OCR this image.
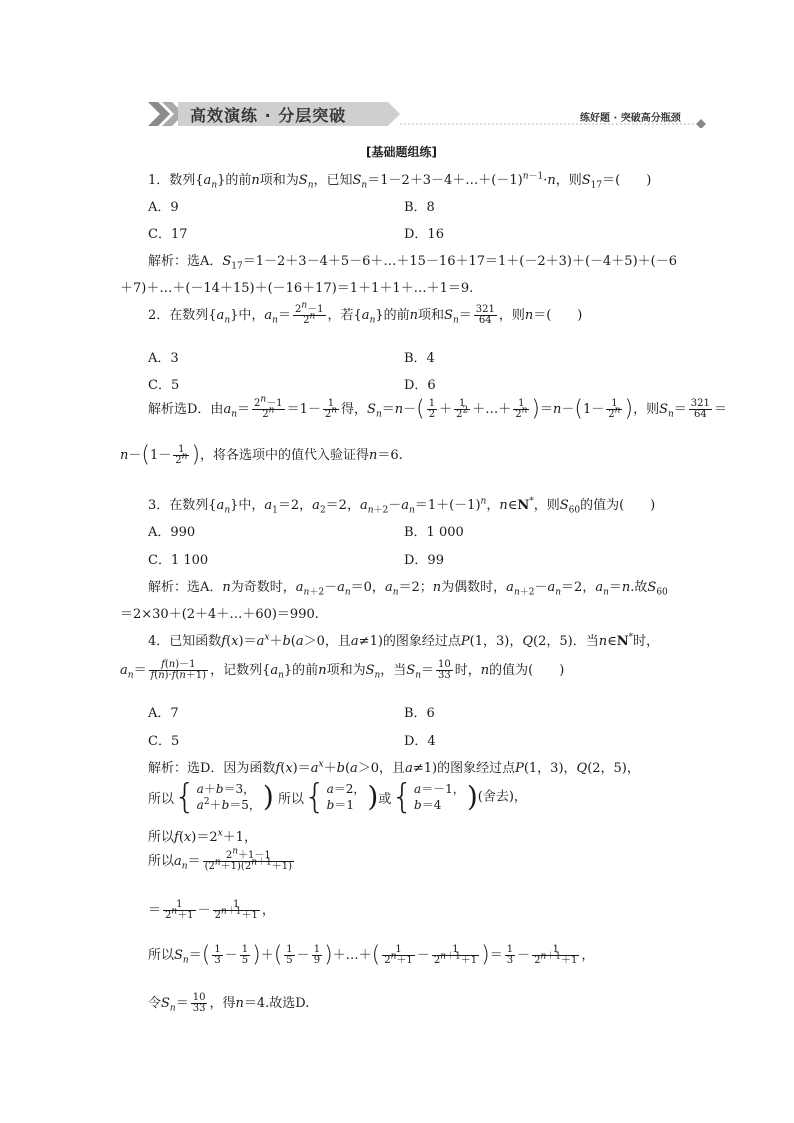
高效演练 · 分层突破	练好题 · 突破高分瓶颈
[基础题组练]
1．数列$\{a_n\}$的前n项和为$S_n$，已知$S_n=1-2+3-4+\dots+(-1)^{n-1}\cdot n$，则$S_{17}=$(　　)
A．9	B．8
C．17	D．16
解析：选A．$S_{17}=1-2+3-4+5-6+\dots+15-16+17=1+(-2+3)+(-4+5)+(-6$
＋7)＋…＋(－14＋15)＋(－16＋17)＝1＋1＋1＋…＋1＝9.
2．在数列$\{a_n\}$中，$a_n= \frac{2^n-1}{2^n}$ ，若$\{a_n\}$的前n项和$S_n= \frac{321}{64}$ ，则n＝(　　)
A．3	B．4
C．5	D．6
解析选D．由$a_n= \frac{2^n-1}{2^n} =1- \frac{1}{2^n}$ 得，$S_n=n-( \frac{1}{2} + \frac{1}{2^2}$ ＋…＋ $\frac{1}{2^n} )=n-(1- \frac{1}{2^n}$ )，则$S_n= \frac{321}{64}$ ＝
$n-(1- \frac{1}{2^n}$ )，将各选项中的值代入验证得n＝6.
3．在数列$\{a_n\}$中，$a_1=2$，$a_2=2$，$a_{n+2}-a_n=1+(-1)^n$，n∈N*，则$S_{60}$的值为(　　)
A．990	B．1 000
C．1 100	D．99
解析：选A．n为奇数时，$a_{n+2}-a_n=0$，$a_n=2$；n为偶数时，$a_{n+2}-a_n=2$，$a_n=n$.故$S_{60}$
＝2×30＋(2＋4＋…＋60)＝990.
4．已知函数$f(x)=a^x+b(a>0$，且a≠1)的图象经过点P(1，3)，Q(2，5)．当n∈N*时，
$a_n= \frac{f(n)-1}{f(n)\cdot f(n+1)}$ ，记数列$\{a_n\}$的前n项和为$S_n$，当$S_n= \frac{10}{33}$ 时，n的值为(　　)
A．7	B．6
C．5	D．4
解析：选D．因为函数$f(x)=a^x+b(a>0$，且a≠1)的图象经过点P(1，3)，Q(2，5)，
所以 { a＋b＝3，
$a^2+b=5$， ) 所以 { a＝2，
b＝1 ) 或 { a＝－1，
b＝4 ) (舍去)，
所以$f(x)=2^x+1$，
所以$a_n= \frac{2^n+1-1}{(2^n+1)(2^{n+1}+1)}$
＝ $\frac{1}{2^n+1} - \frac{1}{2^{n+1}+1}$ ，
所以$S_n=( \frac{1}{3} - \frac{1}{5}$ )＋( $\frac{1}{5} - \frac{1}{9}$ )＋…＋( $\frac{1}{2^n+1} - \frac{1}{2^{n+1}+1}$ )＝ $\frac{1}{3} - \frac{1}{2^{n+1}+1}$ ，
令$S_n= \frac{10}{33}$ ，得n＝4.故选D.
